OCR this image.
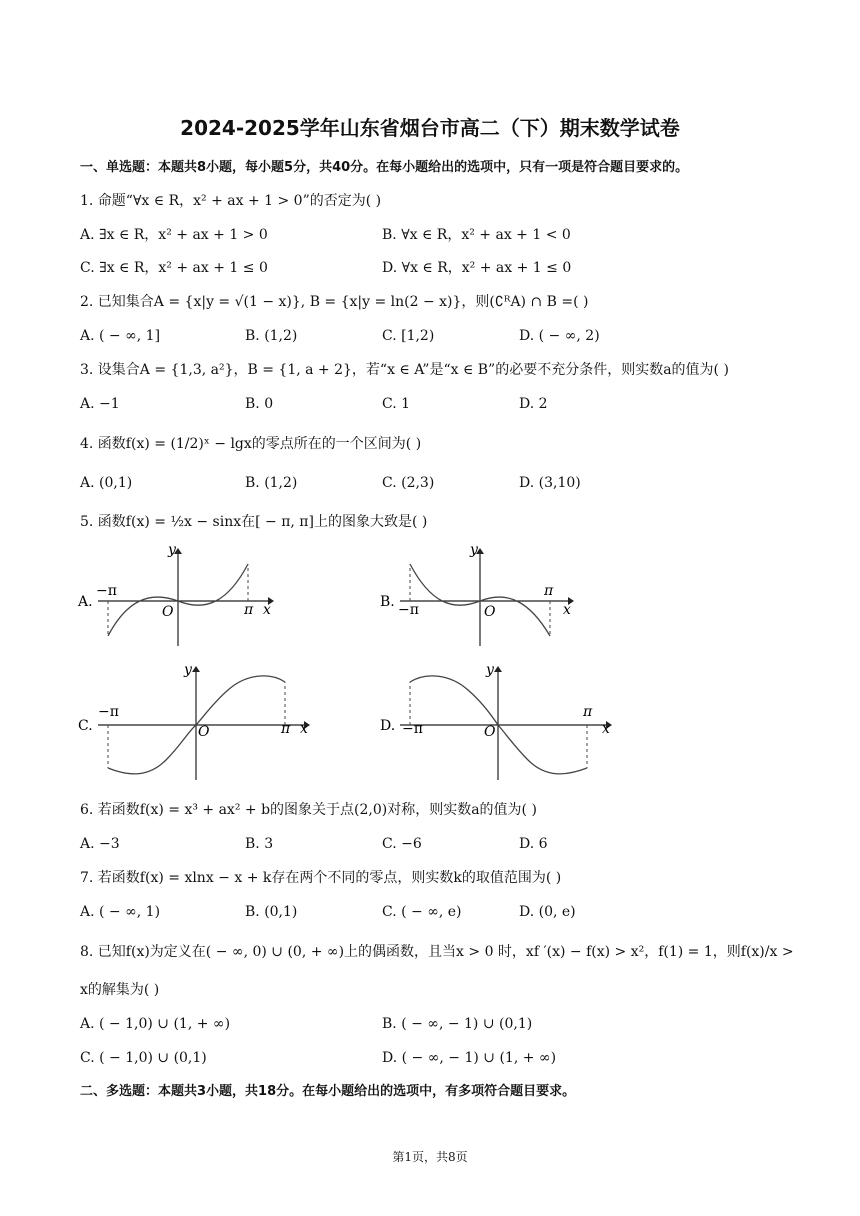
2024-2025学年山东省烟台市高二（下）期末数学试卷
一、单选题：本题共8小题，每小题5分，共40分。在每小题给出的选项中，只有一项是符合题目要求的。
1. 命题“∀x ∈ R，x² + ax + 1 > 0”的否定为( )
A. ∃x ∈ R，x² + ax + 1 > 0	B. ∀x ∈ R，x² + ax + 1 < 0
C. ∃x ∈ R，x² + ax + 1 ≤ 0	D. ∀x ∈ R，x² + ax + 1 ≤ 0
2. 已知集合A = {x|y = √(1 − x)}, B = {x|y = ln(2 − x)}，则(∁ᴿA) ∩ B =( )
A. ( − ∞, 1]	B. (1,2)	C. [1,2)	D. ( − ∞, 2)
3. 设集合A = {1,3, a²}，B = {1, a + 2}，若“x ∈ A”是“x ∈ B”的必要不充分条件，则实数a的值为( )
A. −1	B. 0	C. 1	D. 2
4. 函数f(x) = (1/2)ˣ − lgx的零点所在的一个区间为( )
A. (0,1)	B. (1,2)	C. (2,3)	D. (3,10)
5. 函数f(x) = ½x − sinx在[ − π, π]上的图象大致是( )
A.
y
x
O
−π
π	B.
y
x
O
−π
π
C.
y
x
O
−π
π	D.
y
x
O
−π
π
6. 若函数f(x) = x³ + ax² + b的图象关于点(2,0)对称，则实数a的值为( )
A. −3	B. 3	C. −6	D. 6
7. 若函数f(x) = xlnx − x + k存在两个不同的零点，则实数k的取值范围为( )
A. ( − ∞, 1)	B. (0,1)	C. ( − ∞, e)	D. (0, e)
8. 已知f(x)为定义在( − ∞, 0) ∪ (0, + ∞)上的偶函数，且当x > 0 时，xf ′(x) − f(x) > x²，f(1) = 1，则f(x)/x >
x的解集为( )
A. ( − 1,0) ∪ (1, + ∞)	B. ( − ∞, − 1) ∪ (0,1)
C. ( − 1,0) ∪ (0,1)	D. ( − ∞, − 1) ∪ (1, + ∞)
二、多选题：本题共3小题，共18分。在每小题给出的选项中，有多项符合题目要求。
第1页，共8页
